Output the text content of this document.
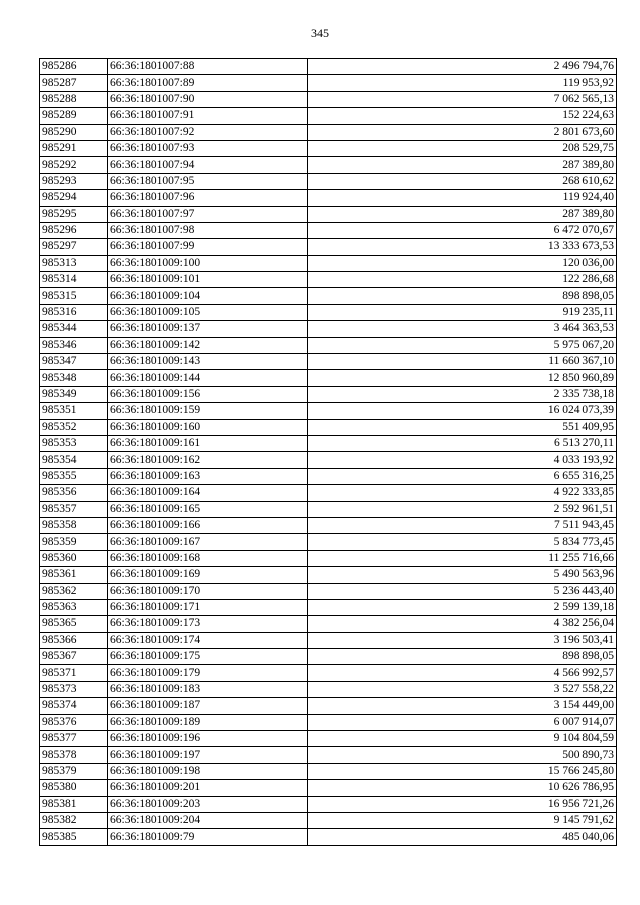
345
985286	66:36:1801007:88	2 496 794,76
985287	66:36:1801007:89	119 953,92
985288	66:36:1801007:90	7 062 565,13
985289	66:36:1801007:91	152 224,63
985290	66:36:1801007:92	2 801 673,60
985291	66:36:1801007:93	208 529,75
985292	66:36:1801007:94	287 389,80
985293	66:36:1801007:95	268 610,62
985294	66:36:1801007:96	119 924,40
985295	66:36:1801007:97	287 389,80
985296	66:36:1801007:98	6 472 070,67
985297	66:36:1801007:99	13 333 673,53
985313	66:36:1801009:100	120 036,00
985314	66:36:1801009:101	122 286,68
985315	66:36:1801009:104	898 898,05
985316	66:36:1801009:105	919 235,11
985344	66:36:1801009:137	3 464 363,53
985346	66:36:1801009:142	5 975 067,20
985347	66:36:1801009:143	11 660 367,10
985348	66:36:1801009:144	12 850 960,89
985349	66:36:1801009:156	2 335 738,18
985351	66:36:1801009:159	16 024 073,39
985352	66:36:1801009:160	551 409,95
985353	66:36:1801009:161	6 513 270,11
985354	66:36:1801009:162	4 033 193,92
985355	66:36:1801009:163	6 655 316,25
985356	66:36:1801009:164	4 922 333,85
985357	66:36:1801009:165	2 592 961,51
985358	66:36:1801009:166	7 511 943,45
985359	66:36:1801009:167	5 834 773,45
985360	66:36:1801009:168	11 255 716,66
985361	66:36:1801009:169	5 490 563,96
985362	66:36:1801009:170	5 236 443,40
985363	66:36:1801009:171	2 599 139,18
985365	66:36:1801009:173	4 382 256,04
985366	66:36:1801009:174	3 196 503,41
985367	66:36:1801009:175	898 898,05
985371	66:36:1801009:179	4 566 992,57
985373	66:36:1801009:183	3 527 558,22
985374	66:36:1801009:187	3 154 449,00
985376	66:36:1801009:189	6 007 914,07
985377	66:36:1801009:196	9 104 804,59
985378	66:36:1801009:197	500 890,73
985379	66:36:1801009:198	15 766 245,80
985380	66:36:1801009:201	10 626 786,95
985381	66:36:1801009:203	16 956 721,26
985382	66:36:1801009:204	9 145 791,62
985385	66:36:1801009:79	485 040,06
